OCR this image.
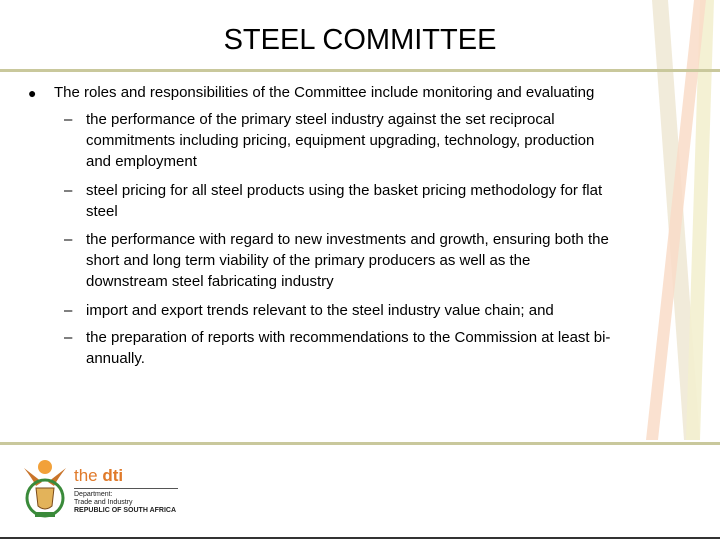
STEEL COMMITTEE
● The roles and responsibilities of the Committee include monitoring and evaluating
– the performance of the primary steel industry against the set reciprocal
commitments including pricing, equipment upgrading, technology, production
and employment
– steel pricing for all steel products using the basket pricing methodology for flat
steel
– the performance with regard to new investments and growth, ensuring both the
short and long term viability of the primary producers as well as the
downstream steel fabricating industry
– import and export trends relevant to the steel industry value chain; and
– the preparation of reports with recommendations to the Commission at least bi-
annually.
the dti
Department:
Trade and Industry
REPUBLIC OF SOUTH AFRICA
